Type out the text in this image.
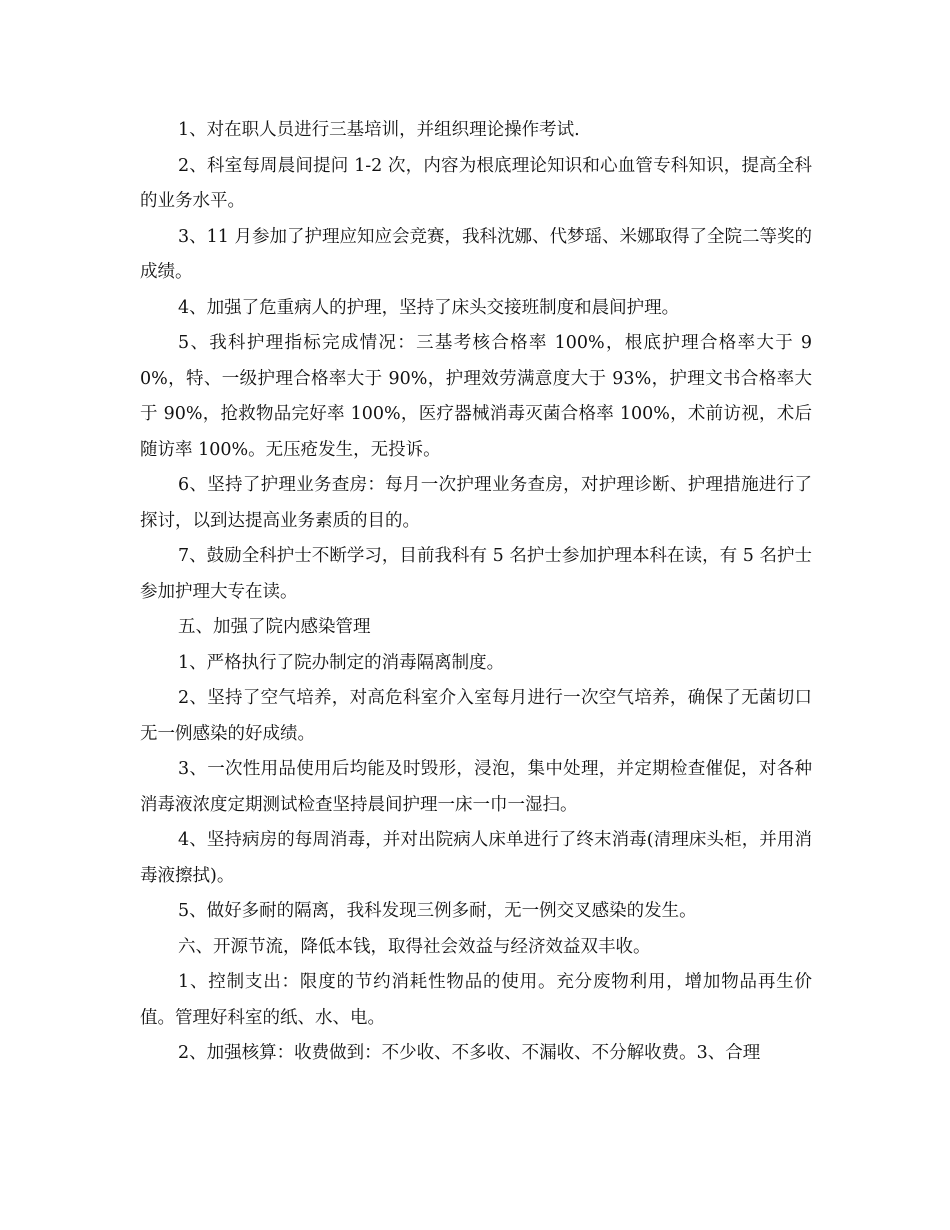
1、对在职人员进行三基培训，并组织理论操作考试.

2、科室每周晨间提问 1-2 次，内容为根底理论知识和心血管专科知识，提高全科的业务水平。

3、11 月参加了护理应知应会竞赛，我科沈娜、代梦瑶、米娜取得了全院二等奖的成绩。

4、加强了危重病人的护理，坚持了床头交接班制度和晨间护理。

5、我科护理指标完成情况：三基考核合格率 100%，根底护理合格率大于 90%，特、一级护理合格率大于 90%，护理效劳满意度大于 93%，护理文书合格率大于 90%，抢救物品完好率 100%，医疗器械消毒灭菌合格率 100%，术前访视，术后随访率 100%。无压疮发生，无投诉。

6、坚持了护理业务查房：每月一次护理业务查房，对护理诊断、护理措施进行了探讨，以到达提高业务素质的目的。

7、鼓励全科护士不断学习，目前我科有 5 名护士参加护理本科在读，有 5 名护士参加护理大专在读。

五、加强了院内感染管理

1、严格执行了院办制定的消毒隔离制度。

2、坚持了空气培养，对高危科室介入室每月进行一次空气培养，确保了无菌切口无一例感染的好成绩。

3、一次性用品使用后均能及时毁形，浸泡，集中处理，并定期检查催促，对各种消毒液浓度定期测试检查坚持晨间护理一床一巾一湿扫。

4、坚持病房的每周消毒，并对出院病人床单进行了终末消毒(清理床头柜，并用消毒液擦拭)。

5、做好多耐的隔离，我科发现三例多耐，无一例交叉感染的发生。

六、开源节流，降低本钱，取得社会效益与经济效益双丰收。

1、控制支出：限度的节约消耗性物品的使用。充分废物利用，增加物品再生价值。管理好科室的纸、水、电。

2、加强核算：收费做到：不少收、不多收、不漏收、不分解收费。3、合理
